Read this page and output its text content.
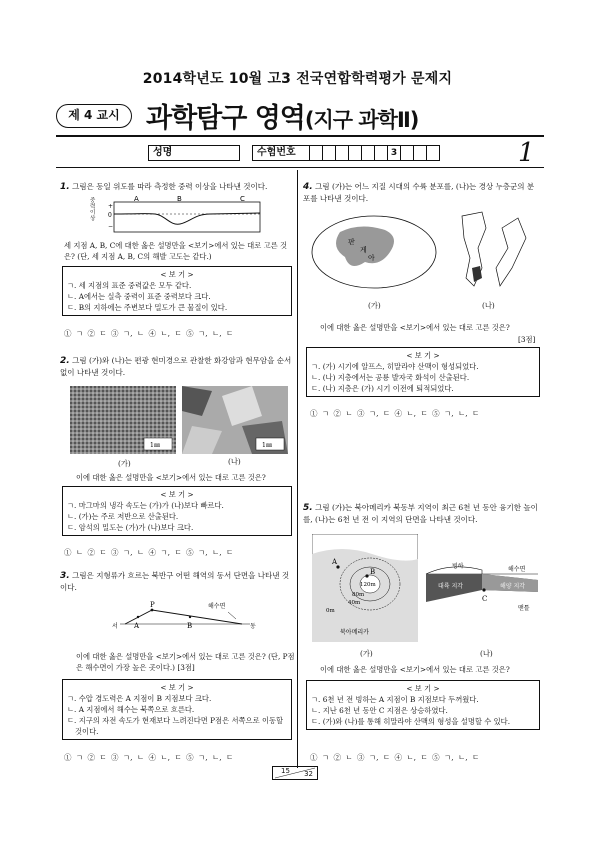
2014학년도 10월 고3 전국연합학력평가 문제지
제 4 교시 과학탐구 영역(지구 과학Ⅱ)
성명	수험번호	3	1
1. 그림은 동일 위도를 따라 측정한 중력 이상을 나타낸 것이다.
A	B	C
+
0
−
중력 이상
세 지점 A, B, C에 대한 옳은 설명만을 <보기>에서 있는 대로 고른 것은? (단, 세 지점 A, B, C의 해발 고도는 같다.)
< 보 기 >
ㄱ. 세 지점의 표준 중력값은 모두 같다.
ㄴ. A에서는 실측 중력이 표준 중력보다 크다.
ㄷ. B의 지하에는 주변보다 밀도가 큰 물질이 있다.
① ㄱ ② ㄷ ③ ㄱ, ㄴ ④ ㄴ, ㄷ ⑤ ㄱ, ㄴ, ㄷ
2. 그림 (가)와 (나)는 편광 현미경으로 관찰한 화강암과 현무암을 순서 없이 나타낸 것이다.
1㎜	1㎜
(가)	(나)
이에 대한 옳은 설명만을 <보기>에서 있는 대로 고른 것은?
< 보 기 >
ㄱ. 마그마의 냉각 속도는 (가)가 (나)보다 빠르다.
ㄴ. (가)는 주로 저반으로 산출된다.
ㄷ. 암석의 밀도는 (가)가 (나)보다 크다.
① ㄴ ② ㄷ ③ ㄱ, ㄴ ④ ㄱ, ㄷ ⑤ ㄱ, ㄴ, ㄷ
3. 그림은 지형류가 흐르는 북반구 어떤 해역의 동서 단면을 나타낸 것이다.
P
A	B
서	동
해수면
이에 대한 옳은 설명만을 <보기>에서 있는 대로 고른 것은? (단, P점은 해수면이 가장 높은 곳이다.) [3점]
< 보 기 >
ㄱ. 수압 경도력은 A 지점이 B 지점보다 크다.
ㄴ. A 지점에서 해수는 북쪽으로 흐른다.
ㄷ. 지구의 자전 속도가 현재보다 느려진다면 P점은 서쪽으로 이동할 것이다.
① ㄱ ② ㄷ ③ ㄱ, ㄴ ④ ㄴ, ㄷ ⑤ ㄱ, ㄴ, ㄷ
4. 그림 (가)는 어느 지질 시대의 수륙 분포를, (나)는 경상 누층군의 분포를 나타낸 것이다.
판
게
아
(가)	(나)
이에 대한 옳은 설명만을 <보기>에서 있는 대로 고른 것은?
[3점]
< 보 기 >
ㄱ. (가) 시기에 알프스, 히말라야 산맥이 형성되었다.
ㄴ. (나) 지층에서는 공룡 발자국 화석이 산출된다.
ㄷ. (나) 지층은 (가) 시기 이전에 퇴적되었다.
① ㄱ ② ㄴ ③ ㄱ, ㄷ ④ ㄴ, ㄷ ⑤ ㄱ, ㄴ, ㄷ
5. 그림 (가)는 북아메리카 북동부 지역이 최근 6천 년 동안 융기한 높이를, (나)는 6천 년 전 이 지역의 단면을 나타낸 것이다.
A
B
120m
80m
40m
0m
북아메리카
빙하	해수면
대륙 지각	해양 지각
맨틀
C
(가)	(나)
이에 대한 옳은 설명만을 <보기>에서 있는 대로 고른 것은?
< 보 기 >
ㄱ. 6천 년 전 빙하는 A 지점이 B 지점보다 두꺼웠다.
ㄴ. 지난 6천 년 동안 C 지점은 상승하였다.
ㄷ. (가)와 (나)를 통해 히말라야 산맥의 형성을 설명할 수 있다.
① ㄱ ② ㄴ ③ ㄱ, ㄷ ④ ㄴ, ㄷ ⑤ ㄱ, ㄴ, ㄷ
15 32
